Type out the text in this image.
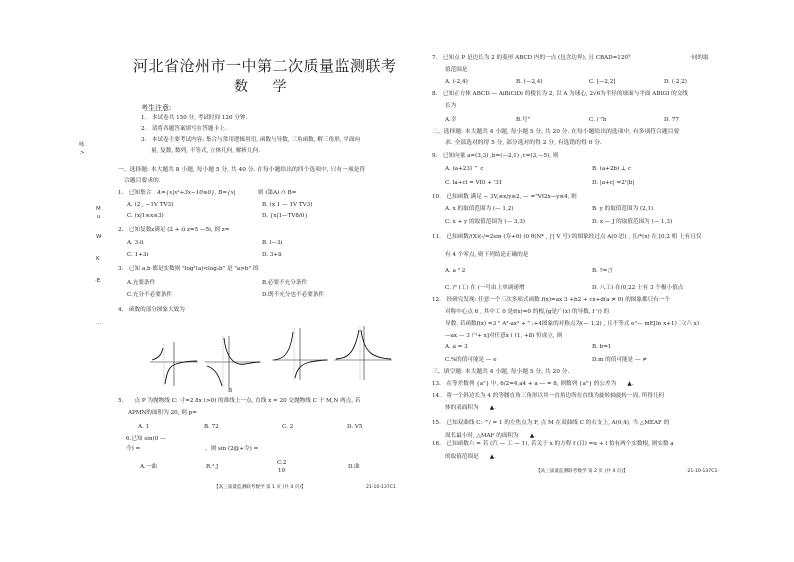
咏
>
M
u
W
K
·E
…
河北省沧州市一中第二次质量监测联考
数 学
考生注意:
1.　本试卷共 150 分, 考试时间 120 分钟.
2.　请将各题答案填写在答题卡上.
3.　本试卷主要考试内容: 集合与常用逻辑用语, 函数与导数, 三角函数, 解三角形, 平面向
量, 复数, 数列, 不等式, 立体几何, 解析几何.
一、选择题: 本大题共 8 小题, 每小题 5 分, 共 40 分. 在每小题给出的四个选项中, 只有一项是符
合题目要求的.
1.　已知集合　 A={x|x²+3x−10≤0}, B={x|	则 (第A) ∩ B=
A. (2 , −1V TV3)	B. (x 1 — 1V TV3)
C. (x|1≤x≤3)	D. {x|1—TV8/0}
2.　已知复数z满足 (2 + i) z=5 —5i, 则 z=
A. 3-li	B. l—3i
C. 1+3i	D. 3+li
3.　已知 a,b 都是实数则 "log²(a)<log₂b" 是 "a>b" 的
A.充要条件	B.必要不充分条件
C.充分不必要条件	D.既不充分也不必要条件
4.　函数的部分图象大致为
B
5.　　点 P 为抛物线 C: 寸=2 8x (>0) 的准线上一点, 直线 x = 20 交抛物线 C 于 M,N 两点, 若
APMN的面积为 20, 则 p=
A. 1	B. 72	C. 2	D. V5
6.已知 sin(0 —
今) =	，则 sin (2@+令) =
A.一曲	R.² J
C.2
19
D.曲
【高三质量监测联考数学 第 1 页 (共 4 页)】	21-10-137C1
7.　已知点 P 是边长为 2 的菱形 ABCD 内的一点 (包含边界), 且 CBAD=120°	·同的取
值范围是
A. (-2,4)	B. (—2,4)	C. [—2,2]	D. (-2,2)
8.　已知正方体 ABCD — AiBiCiDi 的棱长为 2, 以 A 为球心, 2√6为半径的球面与平面 ABIGI 的交线
长为
A.幸	B.号"	C. / "h	D. 77
二、选择题: 本大题共 4 小题, 每小题 5 分, 共 20 分. 在每小题给出的选项中, 有多项符合题目要
求. 全部选对的得 5 分, 部分选对的得 2 分, 有选错的得 0 分.
9.　已知向量 a=(3,3) ,b=(—2,1) ,c=(3,—5), 则
A. (a+23) ⌃ c	B. (a+2b) ⊥ c
C. la+cl = VI0 + '31	D. |a+c| =2¹|b|
10.　已知函数 满足 − 3V,≤x/y≤2, — ="Vf2x—y≤4, 则
A. x 的取值范围为 (— 1,2)	B. y 的取值范围为 (2,1)
C. x + y 的取值范围为 (— 3,3)	D. x — J 的取值范围为 (— 1,3)
11.　已知函数/(X)(-/=2sin (寿+0) (0 θ(N* , |'| V 号) 的图象经过点 A(0 思) , 且/*(x) 在 [0,2 相 上有且仅
有 4 个零点, 则下列结论正确的是
A. a ² 2	B. ?=言
C. /⁰ (工) 在 (一号由上单调递增	D. 八工) 在(0,22 上有 3 个极小值点
12.　经研究发现: 任意一个三次多项式函数 f(x)=ax 3 +b2 + cx+d(a ≠ 0) 的图象都只有一个
对称中心点 6 , 其中工 0 是f(x)=0 的根,(g是广(x) 的导数, f '/) 的
导数. 若函数f(x) =3 " A³-ax³ + " ;+4图象的对称点为(— 1,2) , 且不等式 e"— mE[ln x+1) 三(六 x)
—ax — 3 户+ x]对任意x ( (1, +8) 恒成立, 则
A. a = 3	B. b=1
C.%的值可能是 — e	D.m 的值可能是 — ≠
三、填空题: 本大题共 4 小题, 每小题 5 分, 共 20 分.
13.　在等差数列 {a"} 中, 6/2=4,a4 + a ― = 8, 则数列 {a"} 的公差为　　▲.
14.　将一个斜边长为 4 的等腰直角三角形以其一直角边所在直线为旋转轴旋转一周, 所得几何
体的表面积为　　▲.
15.　已知双曲线 C: ^/ = 1 的左焦点为 F, 点 M 在双曲线 C 的右支上, A(0,4), 当 △MEAF 的
周长最小时, △MAF 的面积为　　▲.
16.　已知函数六 = 若 (汽 — 工 — 1), 若关于 x 的方程 f (目) =α + l 恰有两个实数根, 则实数 a
的取值范围是　　▲.
【高三质量监测联考数学 第 2 页 (共 4 页)】	·21-10-137C1·
